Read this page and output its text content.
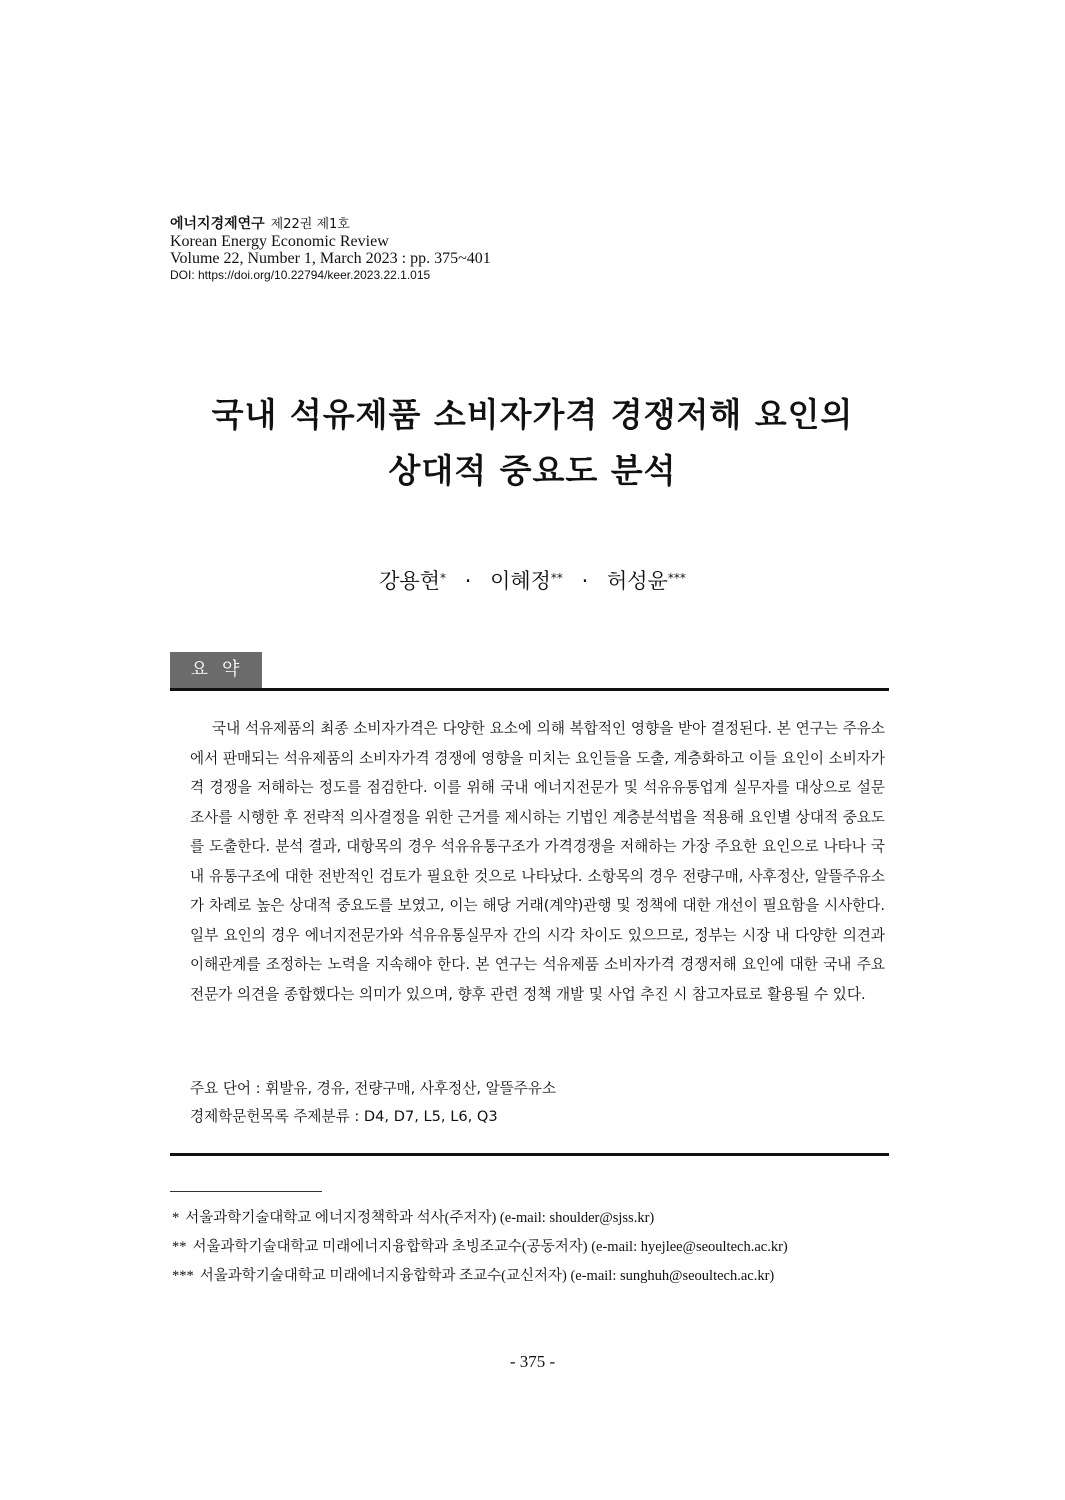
에너지경제연구 제22권 제1호
Korean Energy Economic Review
Volume 22, Number 1, March 2023 : pp. 375~401
DOI: https://doi.org/10.22794/keer.2023.22.1.015
국내 석유제품 소비자가격 경쟁저해 요인의
상대적 중요도 분석
강용현* · 이혜정** · 허성윤***
요약

국내 석유제품의 최종 소비자가격은 다양한 요소에 의해 복합적인 영향을 받아 결정된다. 본 연구는 주유소에서 판매되는 석유제품의 소비자가격 경쟁에 영향을 미치는 요인들을 도출, 계층화하고 이들 요인이 소비자가격 경쟁을 저해하는 정도를 점검한다. 이를 위해 국내 에너지전문가 및 석유유통업계 실무자를 대상으로 설문조사를 시행한 후 전략적 의사결정을 위한 근거를 제시하는 기법인 계층분석법을 적용해 요인별 상대적 중요도를 도출한다. 분석 결과, 대항목의 경우 석유유통구조가 가격경쟁을 저해하는 가장 주요한 요인으로 나타나 국내 유통구조에 대한 전반적인 검토가 필요한 것으로 나타났다. 소항목의 경우 전량구매, 사후정산, 알뜰주유소가 차례로 높은 상대적 중요도를 보였고, 이는 해당 거래(계약)관행 및 정책에 대한 개선이 필요함을 시사한다. 일부 요인의 경우 에너지전문가와 석유유통실무자 간의 시각 차이도 있으므로, 정부는 시장 내 다양한 의견과 이해관계를 조정하는 노력을 지속해야 한다. 본 연구는 석유제품 소비자가격 경쟁저해 요인에 대한 국내 주요 전문가 의견을 종합했다는 의미가 있으며, 향후 관련 정책 개발 및 사업 추진 시 참고자료로 활용될 수 있다.

주요 단어 : 휘발유, 경유, 전량구매, 사후정산, 알뜰주유소
경제학문헌목록 주제분류 : D4, D7, L5, L6, Q3
* 서울과학기술대학교 에너지정책학과 석사(주저자) (e-mail: shoulder@sjss.kr)
** 서울과학기술대학교 미래에너지융합학과 초빙조교수(공동저자) (e-mail: hyejlee@seoultech.ac.kr)
*** 서울과학기술대학교 미래에너지융합학과 조교수(교신저자) (e-mail: sunghuh@seoultech.ac.kr)
- 375 -
